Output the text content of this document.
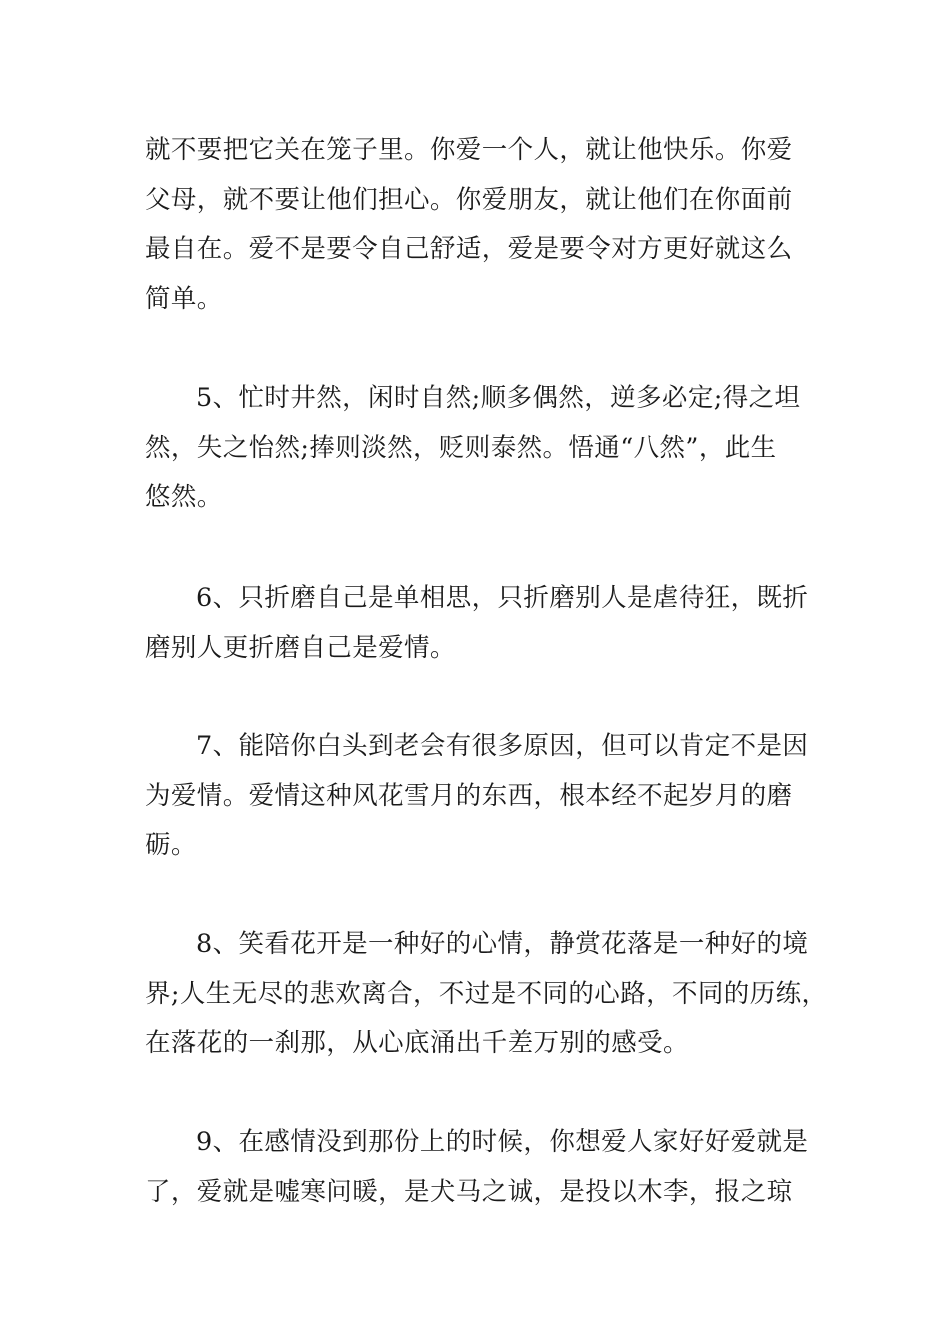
就不要把它关在笼子里。你爱一个人，就让他快乐。你爱
父母，就不要让他们担心。你爱朋友，就让他们在你面前
最自在。爱不是要令自己舒适，爱是要令对方更好就这么
简单。

5、忙时井然，闲时自然;顺多偶然，逆多必定;得之坦
然，失之怡然;捧则淡然，贬则泰然。悟通“八然”，此生
悠然。

6、只折磨自己是单相思，只折磨别人是虐待狂，既折
磨别人更折磨自己是爱情。

7、能陪你白头到老会有很多原因，但可以肯定不是因
为爱情。爱情这种风花雪月的东西，根本经不起岁月的磨
砺。

8、笑看花开是一种好的心情，静赏花落是一种好的境
界;人生无尽的悲欢离合，不过是不同的心路，不同的历练，
在落花的一刹那，从心底涌出千差万别的感受。

9、在感情没到那份上的时候，你想爱人家好好爱就是
了，爱就是嘘寒问暖，是犬马之诚，是投以木李，报之琼
